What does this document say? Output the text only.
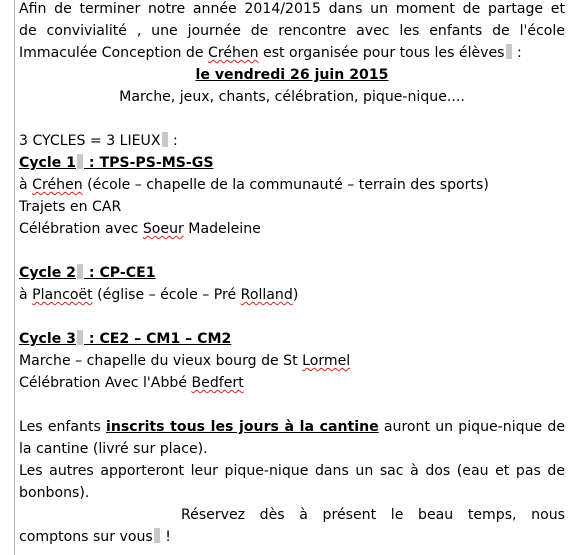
Afin de terminer notre année 2014/2015 dans un moment de partage et

de convivialité , une journée de rencontre avec les enfants de l'école

Immaculée Conception de Créhen est organisée pour tous les élèves :

le vendredi 26 juin 2015

Marche, jeux, chants, célébration, pique-nique....

3 CYCLES = 3 LIEUX :

Cycle 1 : TPS-PS-MS-GS

à Créhen (école – chapelle de la communauté – terrain des sports)

Trajets en CAR

Célébration avec Soeur Madeleine

Cycle 2 : CP-CE1

à Plancoët (église – école – Pré Rolland)

Cycle 3 : CE2 – CM1 – CM2

Marche – chapelle du vieux bourg de St Lormel

Célébration Avec l'Abbé Bedfert

Les enfants inscrits tous les jours à la cantine auront un pique-nique de

la cantine (livré sur place).

Les autres apporteront leur pique-nique dans un sac à dos (eau et pas de

bonbons).

Réservez dès à présent le beau temps, nous

comptons sur vous !
